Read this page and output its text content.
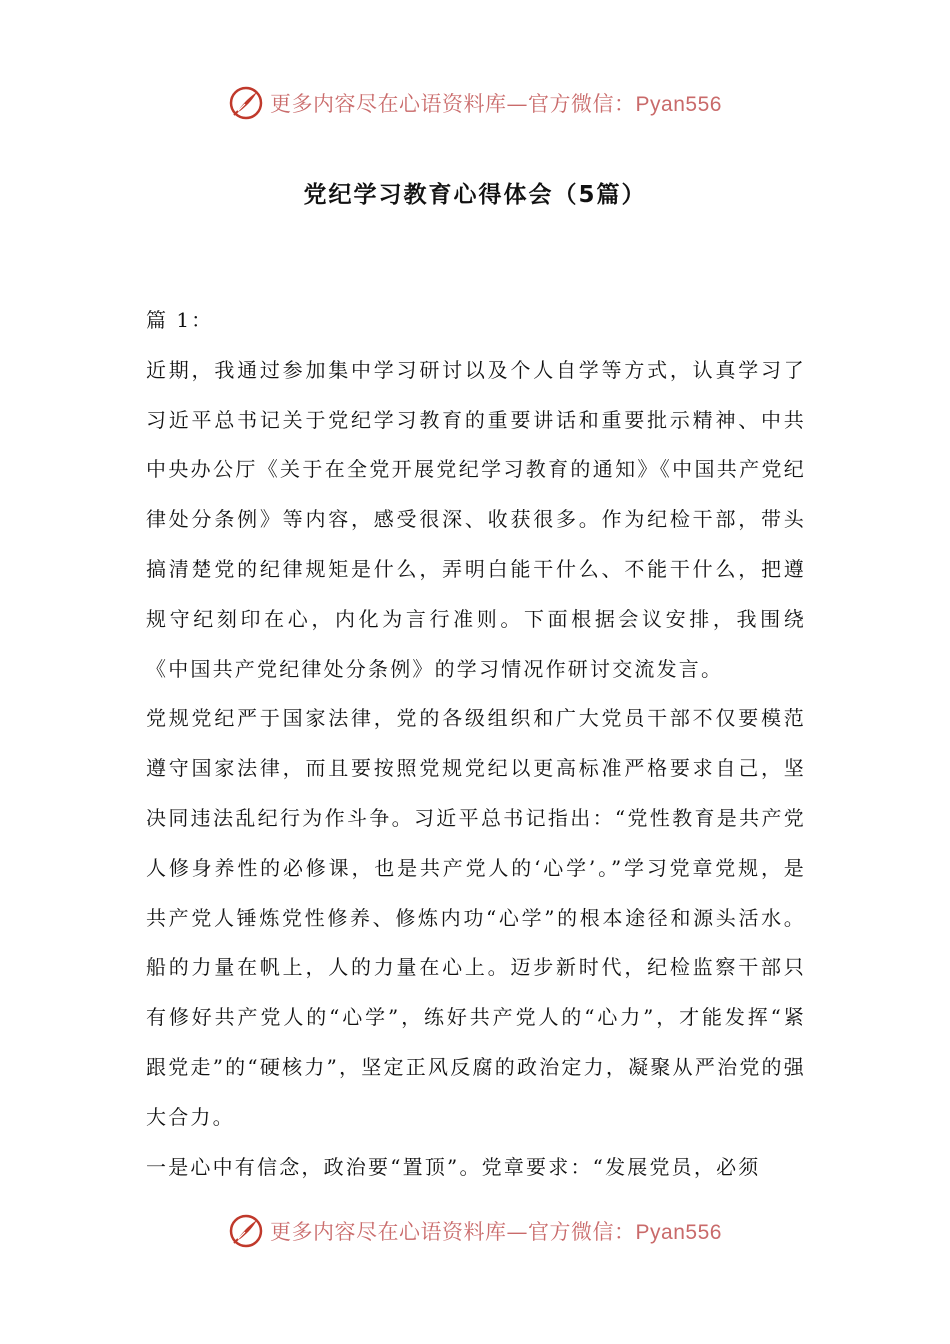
更多内容尽在心语资料库—官方微信：Pyan556
党纪学习教育心得体会（5篇）

篇 1：

近期，我通过参加集中学习研讨以及个人自学等方式，认真学习了习近平总书记关于党纪学习教育的重要讲话和重要批示精神、中共中央办公厅《关于在全党开展党纪学习教育的通知》《中国共产党纪律处分条例》等内容，感受很深、收获很多。作为纪检干部，带头搞清楚党的纪律规矩是什么，弄明白能干什么、不能干什么，把遵规守纪刻印在心，内化为言行准则。下面根据会议安排，我围绕《中国共产党纪律处分条例》的学习情况作研讨交流发言。

党规党纪严于国家法律，党的各级组织和广大党员干部不仅要模范遵守国家法律，而且要按照党规党纪以更高标准严格要求自己，坚决同违法乱纪行为作斗争。习近平总书记指出：“党性教育是共产党人修身养性的必修课，也是共产党人的‘心学’。”学习党章党规，是共产党人锤炼党性修养、修炼内功“心学”的根本途径和源头活水。船的力量在帆上，人的力量在心上。迈步新时代，纪检监察干部只有修好共产党人的“心学”，练好共产党人的“心力”，才能发挥“紧跟党走”的“硬核力”，坚定正风反腐的政治定力，凝聚从严治党的强大合力。

一是心中有信念，政治要“置顶”。党章要求：“发展党员，必须

更多内容尽在心语资料库—官方微信：Pyan556
